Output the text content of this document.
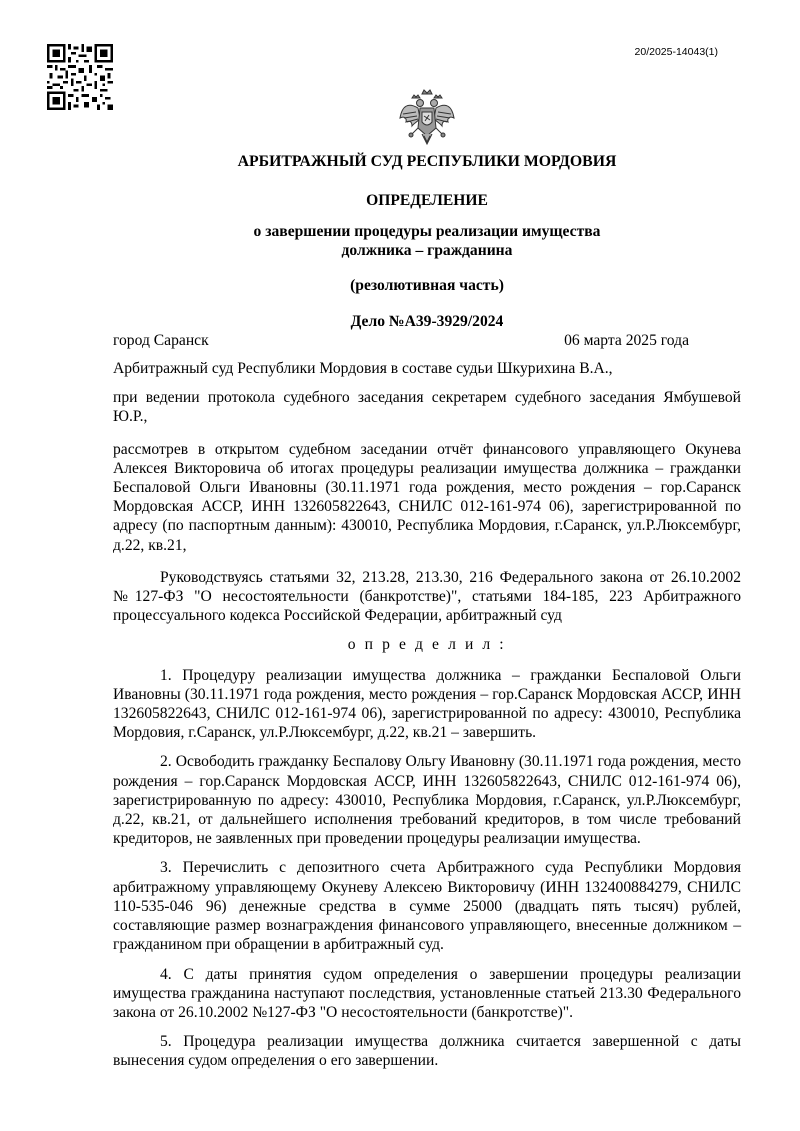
20/2025-14043(1)
АРБИТРАЖНЫЙ СУД РЕСПУБЛИКИ МОРДОВИЯ
ОПРЕДЕЛЕНИЕ
о завершении процедуры реализации имущества
должника – гражданина
(резолютивная часть)
Дело №А39-3929/2024
город Саранск	06 марта 2025 года

Арбитражный суд Республики Мордовия в составе судьи Шкурихина В.А.,

при ведении протокола судебного заседания секретарем судебного заседания Ямбушевой Ю.Р.,

рассмотрев в открытом судебном заседании отчёт финансового управляющего Окунева Алексея Викторовича об итогах процедуры реализации имущества должника – гражданки Беспаловой Ольги Ивановны (30.11.1971 года рождения, место рождения – гор.Саранск Мордовская АССР, ИНН 132605822643, СНИЛС 012-161-974 06), зарегистрированной по адресу (по паспортным данным): 430010, Республика Мордовия, г.Саранск, ул.Р.Люксембург, д.22, кв.21,

Руководствуясь статьями 32, 213.28, 213.30, 216 Федерального закона от 26.10.2002 №127-ФЗ "О несостоятельности (банкротстве)", статьями 184-185, 223 Арбитражного процессуального кодекса Российской Федерации, арбитражный суд

о п р е д е л и л :

1. Процедуру реализации имущества должника – гражданки Беспаловой Ольги Ивановны (30.11.1971 года рождения, место рождения – гор.Саранск Мордовская АССР, ИНН 132605822643, СНИЛС 012-161-974 06), зарегистрированной по адресу: 430010, Республика Мордовия, г.Саранск, ул.Р.Люксембург, д.22, кв.21 – завершить.

2. Освободить гражданку Беспалову Ольгу Ивановну (30.11.1971 года рождения, место рождения – гор.Саранск Мордовская АССР, ИНН 132605822643, СНИЛС 012-161-974 06), зарегистрированную по адресу: 430010, Республика Мордовия, г.Саранск, ул.Р.Люксембург, д.22, кв.21, от дальнейшего исполнения требований кредиторов, в том числе требований кредиторов, не заявленных при проведении процедуры реализации имущества.

3. Перечислить с депозитного счета Арбитражного суда Республики Мордовия арбитражному управляющему Окуневу Алексею Викторовичу (ИНН 132400884279, СНИЛС 110-535-046 96) денежные средства в сумме 25000 (двадцать пять тысяч) рублей, составляющие размер вознаграждения финансового управляющего, внесенные должником – гражданином при обращении в арбитражный суд.

4. С даты принятия судом определения о завершении процедуры реализации имущества гражданина наступают последствия, установленные статьей 213.30 Федерального закона от 26.10.2002 №127-ФЗ "О несостоятельности (банкротстве)".

5. Процедура реализации имущества должника считается завершенной с даты вынесения судом определения о его завершении.
